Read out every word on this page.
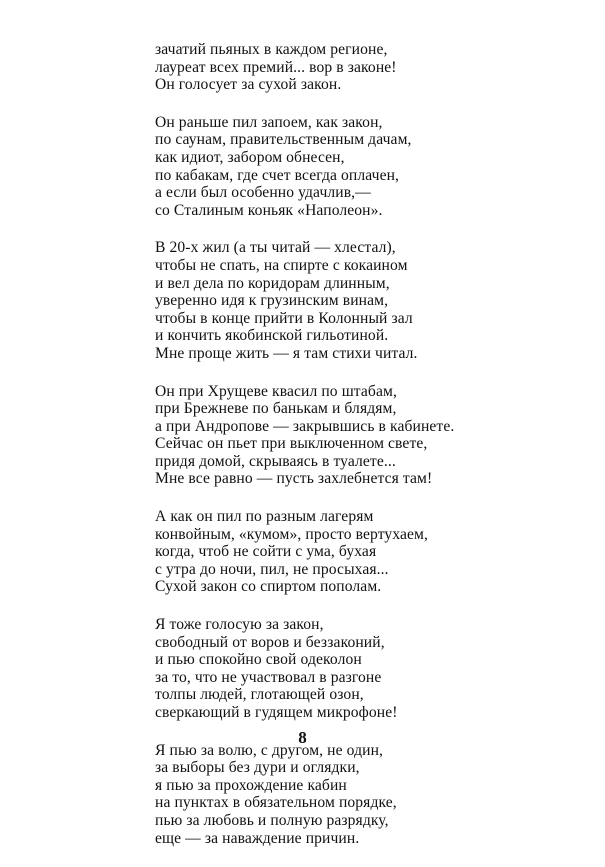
зачатий пьяных в каждом регионе,
лауреат всех премий... вор в законе!
Он голосует за сухой закон.
Он раньше пил запоем, как закон,
по саунам, правительственным дачам,
как идиот, забором обнесен,
по кабакам, где счет всегда оплачен,
а если был особенно удачлив,—
со Сталиным коньяк «Наполеон».
В 20-х жил (а ты читай — хлестал),
чтобы не спать, на спирте с кокаином
и вел дела по коридорам длинным,
уверенно идя к грузинским винам,
чтобы в конце прийти в Колонный зал
и кончить якобинской гильотиной.
Мне проще жить — я там стихи читал.
Он при Хрущеве квасил по штабам,
при Брежневе по банькам и блядям,
а при Андропове — закрывшись в кабинете.
Сейчас он пьет при выключенном свете,
придя домой, скрываясь в туалете...
Мне все равно — пусть захлебнется там!
А как он пил по разным лагерям
конвойным, «кумом», просто вертухаем,
когда, чтоб не сойти с ума, бухая
с утра до ночи, пил, не просыхая...
Сухой закон со спиртом пополам.
Я тоже голосую за закон,
свободный от воров и беззаконий,
и пью спокойно свой одеколон
за то, что не участвовал в разгоне
толпы людей, глотающей озон,
сверкающий в гудящем микрофоне!
Я пью за волю, с другом, не один,
за выборы без дури и оглядки,
я пью за прохождение кабин
на пунктах в обязательном порядке,
пью за любовь и полную разрядку,
еще — за наваждение причин.
8
